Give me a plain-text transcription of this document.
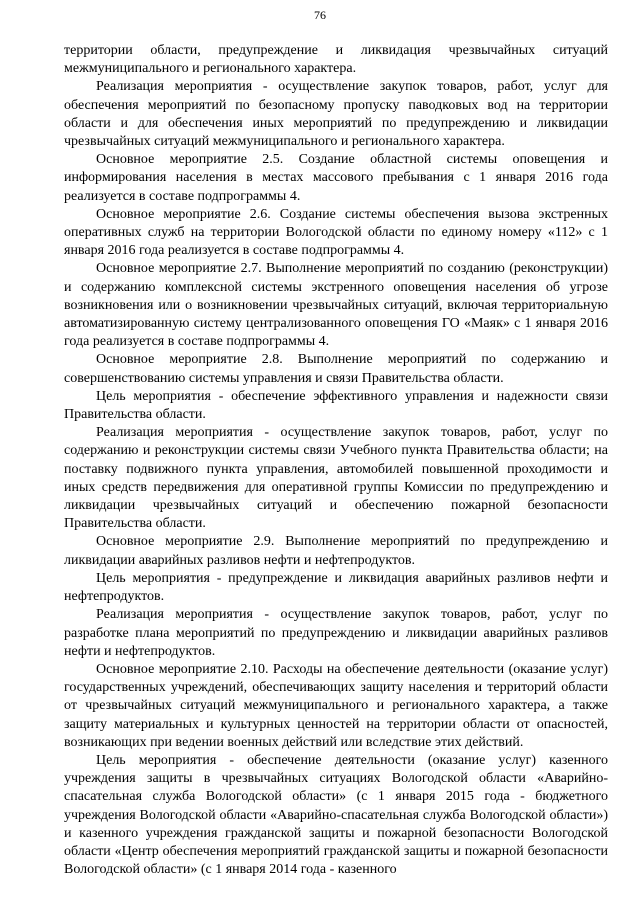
76

территории области, предупреждение и ликвидация чрезвычайных ситуаций межмуниципального и регионального характера.

Реализация мероприятия - осуществление закупок товаров, работ, услуг для обеспечения мероприятий по безопасному пропуску паводковых вод на территории области и для обеспечения иных мероприятий по предупреждению и ликвидации чрезвычайных ситуаций межмуниципального и регионального характера.

Основное мероприятие 2.5. Создание областной системы оповещения и информирования населения в местах массового пребывания с 1 января 2016 года реализуется в составе подпрограммы 4.

Основное мероприятие 2.6. Создание системы обеспечения вызова экстренных оперативных служб на территории Вологодской области по единому номеру «112» с 1 января 2016 года реализуется в составе подпрограммы 4.

Основное мероприятие 2.7. Выполнение мероприятий по созданию (реконструкции) и содержанию комплексной системы экстренного оповещения населения об угрозе возникновения или о возникновении чрезвычайных ситуаций, включая территориальную автоматизированную систему централизованного оповещения ГО «Маяк» с 1 января 2016 года реализуется в составе подпрограммы 4.

Основное мероприятие 2.8. Выполнение мероприятий по содержанию и совершенствованию системы управления и связи Правительства области.

Цель мероприятия - обеспечение эффективного управления и надежности связи Правительства области.

Реализация мероприятия - осуществление закупок товаров, работ, услуг по содержанию и реконструкции системы связи Учебного пункта Правительства области; на поставку подвижного пункта управления, автомобилей повышенной проходимости и иных средств передвижения для оперативной группы Комиссии по предупреждению и ликвидации чрезвычайных ситуаций и обеспечению пожарной безопасности Правительства области.

Основное мероприятие 2.9. Выполнение мероприятий по предупреждению и ликвидации аварийных разливов нефти и нефтепродуктов.

Цель мероприятия - предупреждение и ликвидация аварийных разливов нефти и нефтепродуктов.

Реализация мероприятия - осуществление закупок товаров, работ, услуг по разработке плана мероприятий по предупреждению и ликвидации аварийных разливов нефти и нефтепродуктов.

Основное мероприятие 2.10. Расходы на обеспечение деятельности (оказание услуг) государственных учреждений, обеспечивающих защиту населения и территорий области от чрезвычайных ситуаций межмуниципального и регионального характера, а также защиту материальных и культурных ценностей на территории области от опасностей, возникающих при ведении военных действий или вследствие этих действий.

Цель мероприятия - обеспечение деятельности (оказание услуг) казенного учреждения защиты в чрезвычайных ситуациях Вологодской области «Аварийно-спасательная служба Вологодской области» (с 1 января 2015 года - бюджетного учреждения Вологодской области «Аварийно-спасательная служба Вологодской области») и казенного учреждения гражданской защиты и пожарной безопасности Вологодской области «Центр обеспечения мероприятий гражданской защиты и пожарной безопасности Вологодской области» (с 1 января 2014 года - казенного
